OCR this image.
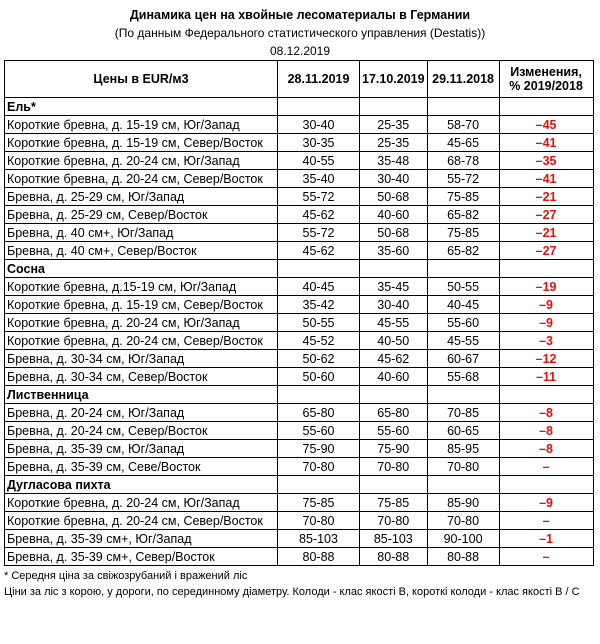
Динамика цен на хвойные лесоматериалы в Германии
(По данным Федерального статистического управления (Destatis))
08.12.2019
Цены в EUR/м3	28.11.2019	17.10.2019	29.11.2018	Изменения,
% 2019/2018
Ель*				
Короткие бревна, д. 15-19 см, Юг/Запад	30-40	25-35	58-70	–45
Короткие бревна, д. 15-19 см, Север/Восток	30-35	25-35	45-65	–41
Короткие бревна, д. 20-24 см, Юг/Запад	40-55	35-48	68-78	–35
Короткие бревна, д. 20-24 см, Север/Восток	35-40	30-40	55-72	–41
Бревна, д. 25-29 см, Юг/Запад	55-72	50-68	75-85	–21
Бревна, д. 25-29 см, Север/Восток	45-62	40-60	65-82	–27
Бревна, д. 40 см+, Юг/Запад	55-72	50-68	75-85	–21
Бревна, д. 40 см+, Север/Восток	45-62	35-60	65-82	–27
Сосна				
Короткие бревна, д.15-19 см, Юг/Запад	40-45	35-45	50-55	–19
Короткие бревна, д. 15-19 см, Север/Восток	35-42	30-40	40-45	–9
Короткие бревна, д. 20-24 см, Юг/Запад	50-55	45-55	55-60	–9
Короткие бревна, д. 20-24 см, Север/Восток	45-52	40-50	45-55	–3
Бревна, д. 30-34 см, Юг/Запад	50-62	45-62	60-67	–12
Бревна, д. 30-34 см, Север/Восток	50-60	40-60	55-68	–11
Лиственница				
Бревна, д. 20-24 см, Юг/Запад	65-80	65-80	70-85	–8
Бревна, д. 20-24 см, Север/Восток	55-60	55-60	60-65	–8
Бревна, д. 35-39 см, Юг/Запад	75-90	75-90	85-95	–8
Бревна, д. 35-39 см, Севе/Восток	70-80	70-80	70-80	–
Дугласова пихта				
Короткие бревна, д. 20-24 см, Юг/Запад	75-85	75-85	85-90	–9
Короткие бревна, д. 20-24 см, Север/Восток	70-80	70-80	70-80	–
Бревна, д. 35-39 см+, Юг/Запад	85-103	85-103	90-100	–1
Бревна, д. 35-39 см+, Север/Восток	80-88	80-88	80-88	–
* Середня ціна за свіжозрубаний і вражений ліс
Ціни за ліс з корою, у дороги, по серединному діаметру. Колоди - клас якості B, короткі колоди - клас якості B / C
